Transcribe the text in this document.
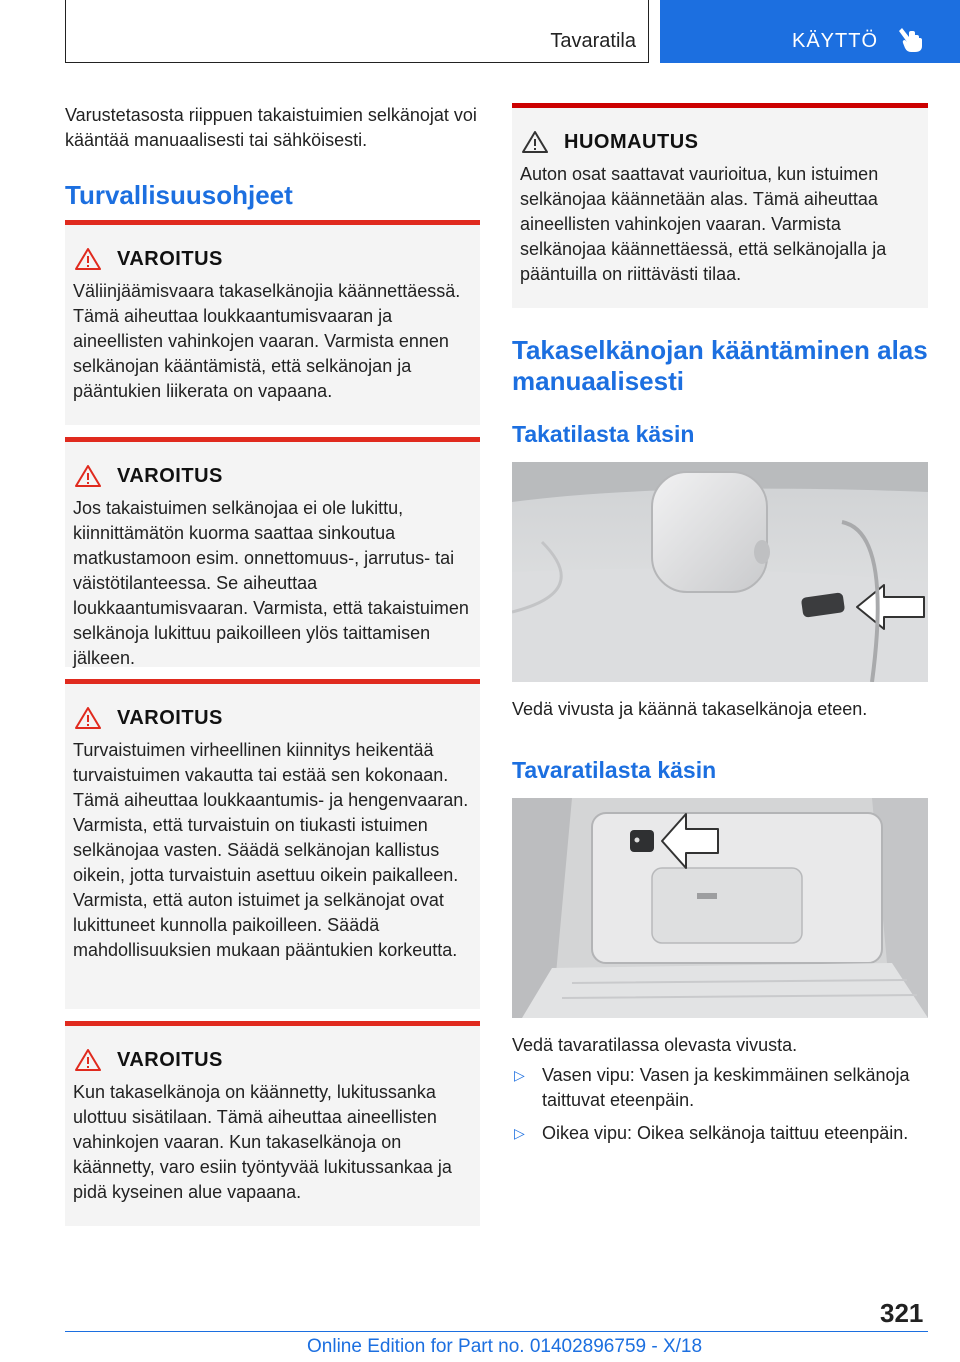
Tavaratila	KÄYTTÖ

Varustetasosta riippuen takaistuimien selkänojat voi kääntää manuaalisesti tai sähköisesti.

Turvallisuusohjeet
VAROITUS

Väliinjäämisvaara takaselkänojia käännettäessä. Tämä aiheuttaa loukkaantumisvaaran ja aineellisten vahinkojen vaaran. Varmista ennen selkänojan kääntämistä, että selkänojan ja pääntukien liikerata on vapaana.

VAROITUS

Jos takaistuimen selkänojaa ei ole lukittu, kiinnittämätön kuorma saattaa sinkoutua matkustamoon esim. onnettomuus-, jarrutus- tai väistötilanteessa. Se aiheuttaa loukkaantumisvaaran. Varmista, että takaistuimen selkänoja lukittuu paikoilleen ylös taittamisen jälkeen.

VAROITUS

Turvaistuimen virheellinen kiinnitys heikentää turvaistuimen vakautta tai estää sen kokonaan. Tämä aiheuttaa loukkaantumis- ja hengenvaaran. Varmista, että turvaistuin on tiukasti istuimen selkänojaa vasten. Säädä selkänojan kallistus oikein, jotta turvaistuin asettuu oikein paikalleen. Varmista, että auton istuimet ja selkänojat ovat lukittuneet kunnolla paikoilleen. Säädä mahdollisuuksien mukaan pääntukien korkeutta.

VAROITUS

Kun takaselkänoja on käännetty, lukitussanka ulottuu sisätilaan. Tämä aiheuttaa aineellisten vahinkojen vaaran. Kun takaselkänoja on käännetty, varo esiin työntyvää lukitussankaa ja pidä kyseinen alue vapaana.

HUOMAUTUS

Auton osat saattavat vaurioitua, kun istuimen selkänojaa käännetään alas. Tämä aiheuttaa aineellisten vahinkojen vaaran. Varmista selkänojaa käännettäessä, että selkänojalla ja pääntuilla on riittävästi tilaa.

Takaselkänojan kääntäminen alas manuaalisesti
Takatilasta käsin

Vedä vivusta ja käännä takaselkänoja eteen.

Tavaratilasta käsin

Vedä tavaratilassa olevasta vivusta.

▷ Vasen vipu: Vasen ja keskimmäinen selkänoja taittuvat eteenpäin.
▷ Oikea vipu: Oikea selkänoja taittuu eteenpäin.
321
Online Edition for Part no. 01402896759 - X/18
